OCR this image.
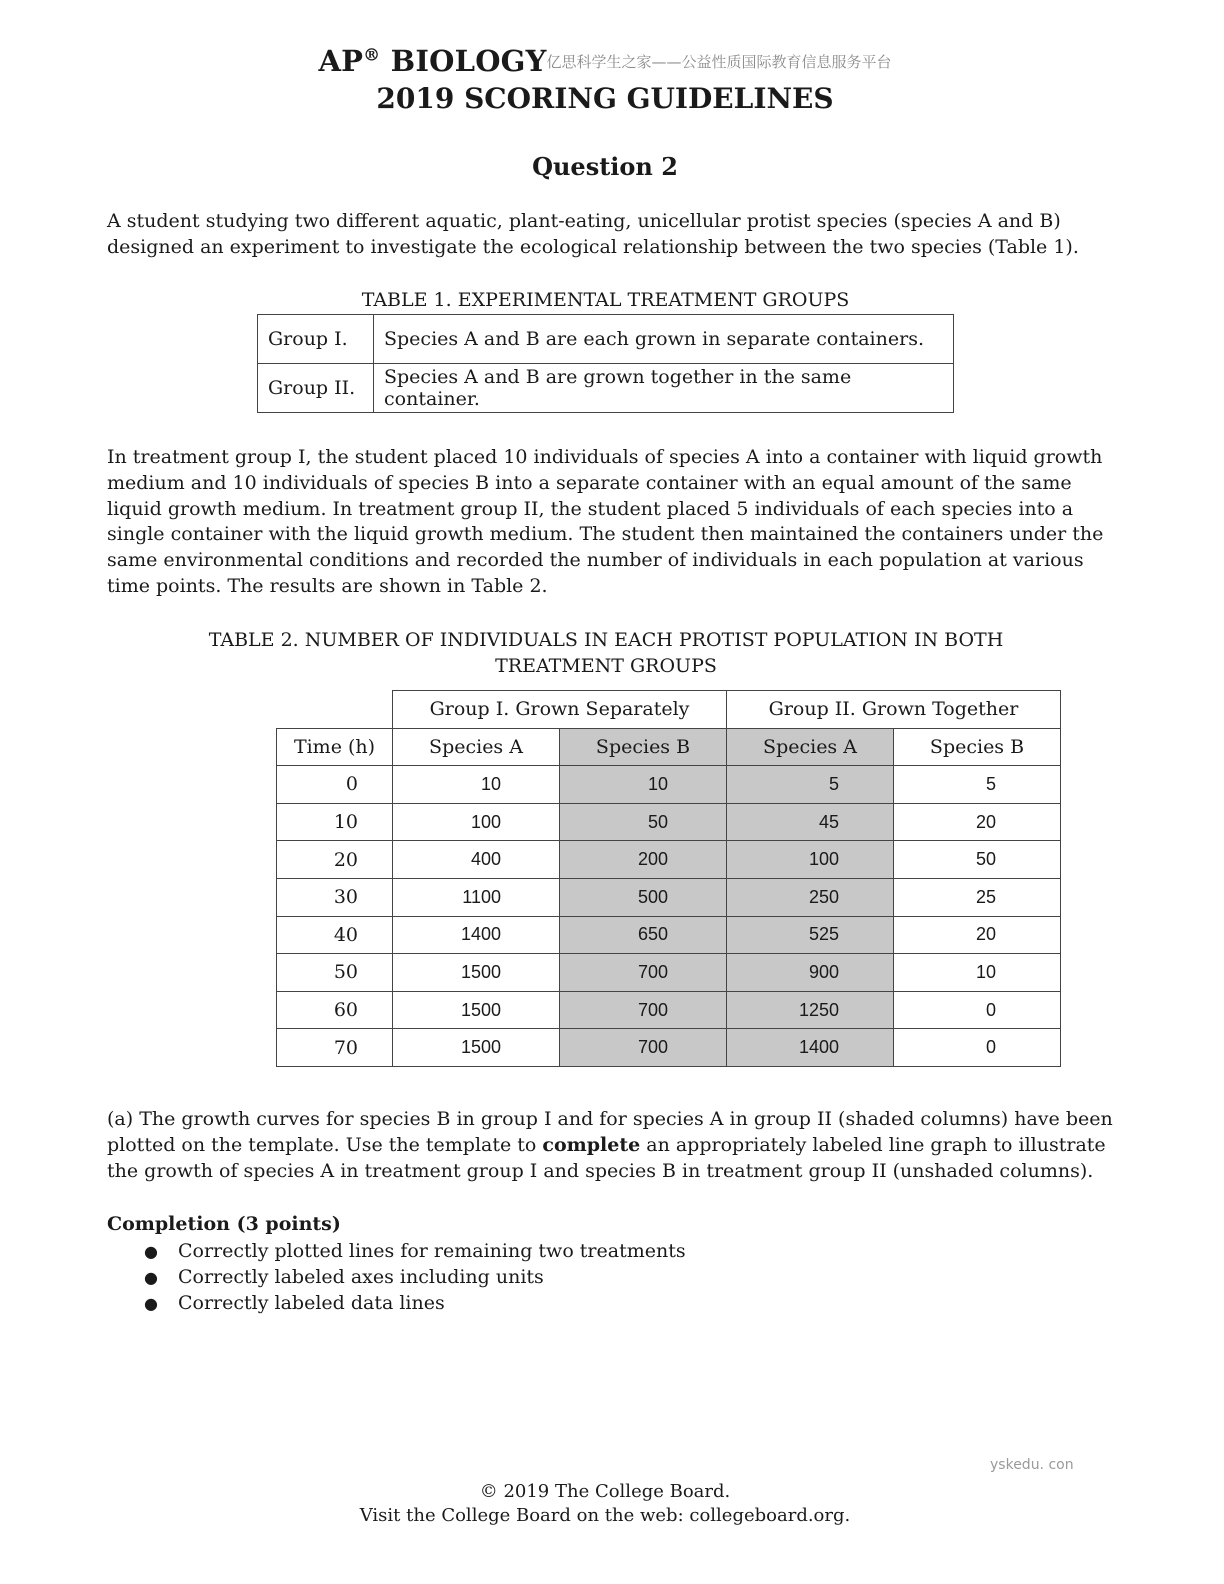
AP® BIOLOGY亿思科学生之家——公益性质国际教育信息服务平台
2019 SCORING GUIDELINES
Question 2
A student studying two different aquatic, plant-eating, unicellular protist species (species A and B) designed an experiment to investigate the ecological relationship between the two species (Table 1).
TABLE 1. EXPERIMENTAL TREATMENT GROUPS
Group I.	Species A and B are each grown in separate containers.
Group II.	Species A and B are grown together in the same container.
In treatment group I, the student placed 10 individuals of species A into a container with liquid growth medium and 10 individuals of species B into a separate container with an equal amount of the same liquid growth medium. In treatment group II, the student placed 5 individuals of each species into a single container with the liquid growth medium. The student then maintained the containers under the same environmental conditions and recorded the number of individuals in each population at various time points. The results are shown in Table 2.
TABLE 2. NUMBER OF INDIVIDUALS IN EACH PROTIST POPULATION IN BOTH
TREATMENT GROUPS
	Group I. Grown Separately		Group II. Grown Together	
Time (h)	Species A	Species B	Species A	Species B
0	10	10	5	5
10	100	50	45	20
20	400	200	100	50
30	1100	500	250	25
40	1400	650	525	20
50	1500	700	900	10
60	1500	700	1250	0
70	1500	700	1400	0
(a) The growth curves for species B in group I and for species A in group II (shaded columns) have been plotted on the template. Use the template to complete an appropriately labeled line graph to illustrate the growth of species A in treatment group I and species B in treatment group II (unshaded columns).
Completion (3 points)
● Correctly plotted lines for remaining two treatments
● Correctly labeled axes including units
● Correctly labeled data lines
yskedu. con
© 2019 The College Board.
Visit the College Board on the web: collegeboard.org.
